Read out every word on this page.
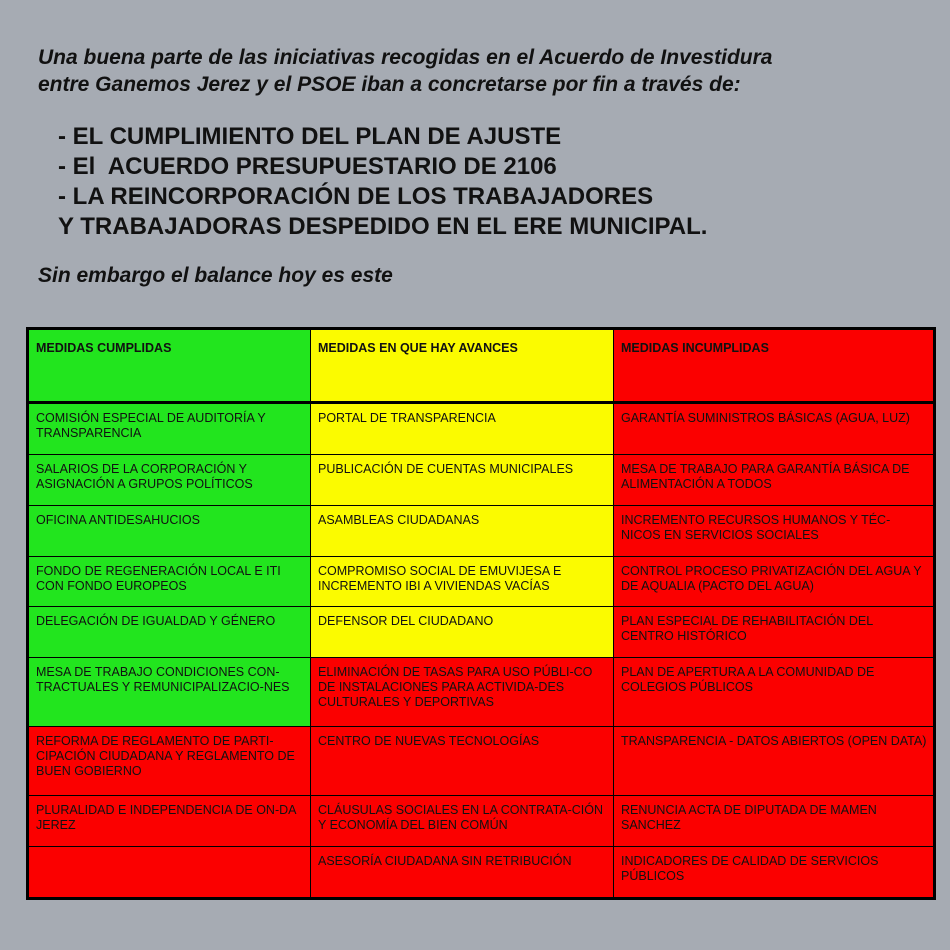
Una buena parte de las iniciativas recogidas en el Acuerdo de Investidura
entre Ganemos Jerez y el PSOE iban a concretarse por fin a través de:
- EL CUMPLIMIENTO DEL PLAN DE AJUSTE
- El  ACUERDO PRESUPUESTARIO DE 2106
- LA REINCORPORACIÓN DE LOS TRABAJADORES
Y TRABAJADORAS DESPEDIDO EN EL ERE MUNICIPAL.
Sin embargo el balance hoy es este
MEDIDAS CUMPLIDAS	MEDIDAS EN QUE HAY AVANCES	MEDIDAS INCUMPLIDAS
COMISIÓN ESPECIAL DE AUDITORÍA Y TRANSPARENCIA	PORTAL DE TRANSPARENCIA	GARANTÍA SUMINISTROS BÁSICAS (AGUA, LUZ)
SALARIOS DE LA CORPORACIÓN Y ASIGNACIÓN A GRUPOS POLÍTICOS	PUBLICACIÓN DE CUENTAS MUNICIPALES	MESA DE TRABAJO PARA GARANTÍA BÁSICA DE ALIMENTACIÓN A TODOS
OFICINA ANTIDESAHUCIOS	ASAMBLEAS CIUDADANAS	INCREMENTO RECURSOS HUMANOS Y TÉC-NICOS EN SERVICIOS SOCIALES
FONDO DE REGENERACIÓN LOCAL E ITI CON FONDO EUROPEOS	COMPROMISO SOCIAL DE EMUVIJESA E INCREMENTO IBI A VIVIENDAS VACÍAS	CONTROL PROCESO PRIVATIZACIÓN DEL AGUA Y DE AQUALIA (PACTO DEL AGUA)
DELEGACIÓN DE IGUALDAD Y GÉNERO	DEFENSOR DEL CIUDADANO	PLAN ESPECIAL DE REHABILITACIÓN DEL CENTRO HISTÓRICO
MESA DE TRABAJO CONDICIONES CON-TRACTUALES Y REMUNICIPALIZACIO-NES	ELIMINACIÓN DE TASAS PARA USO PÚBLI-CO DE INSTALACIONES PARA ACTIVIDA-DES CULTURALES Y DEPORTIVAS	PLAN DE APERTURA A LA COMUNIDAD DE COLEGIOS PÚBLICOS
REFORMA DE REGLAMENTO DE PARTI-CIPACIÓN CIUDADANA Y REGLAMENTO DE BUEN GOBIERNO	CENTRO DE NUEVAS TECNOLOGÍAS	TRANSPARENCIA - DATOS ABIERTOS (OPEN DATA)
PLURALIDAD E INDEPENDENCIA DE ON-DA JEREZ	CLÁUSULAS SOCIALES EN LA CONTRATA-CIÓN Y ECONOMÍA DEL BIEN COMÚN	RENUNCIA ACTA DE DIPUTADA DE MAMEN SANCHEZ
	ASESORÍA CIUDADANA SIN RETRIBUCIÓN	INDICADORES DE CALIDAD DE SERVICIOS PÚBLICOS
